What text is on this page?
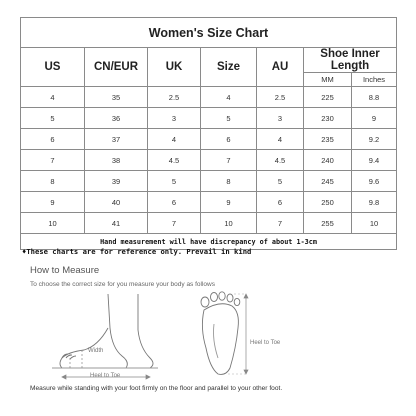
Women's Size Chart						
US	CN/EUR	UK	Size	AU	Shoe Inner Length	
					MM	Inches
4	35	2.5	4	2.5	225	8.8
5	36	3	5	3	230	9
6	37	4	6	4	235	9.2
7	38	4.5	7	4.5	240	9.4
8	39	5	8	5	245	9.6
9	40	6	9	6	250	9.8
10	41	7	10	7	255	10
Hand measurement will have discrepancy of about 1-3cm						
♦These charts are for reference only. Prevail in kind
How to Measure
To choose the correct size for you measure your body as follows
Width
Heel to Toe
Heel to Toe
Measure while standing with your foot firmly on the floor and parallel to your other foot.
